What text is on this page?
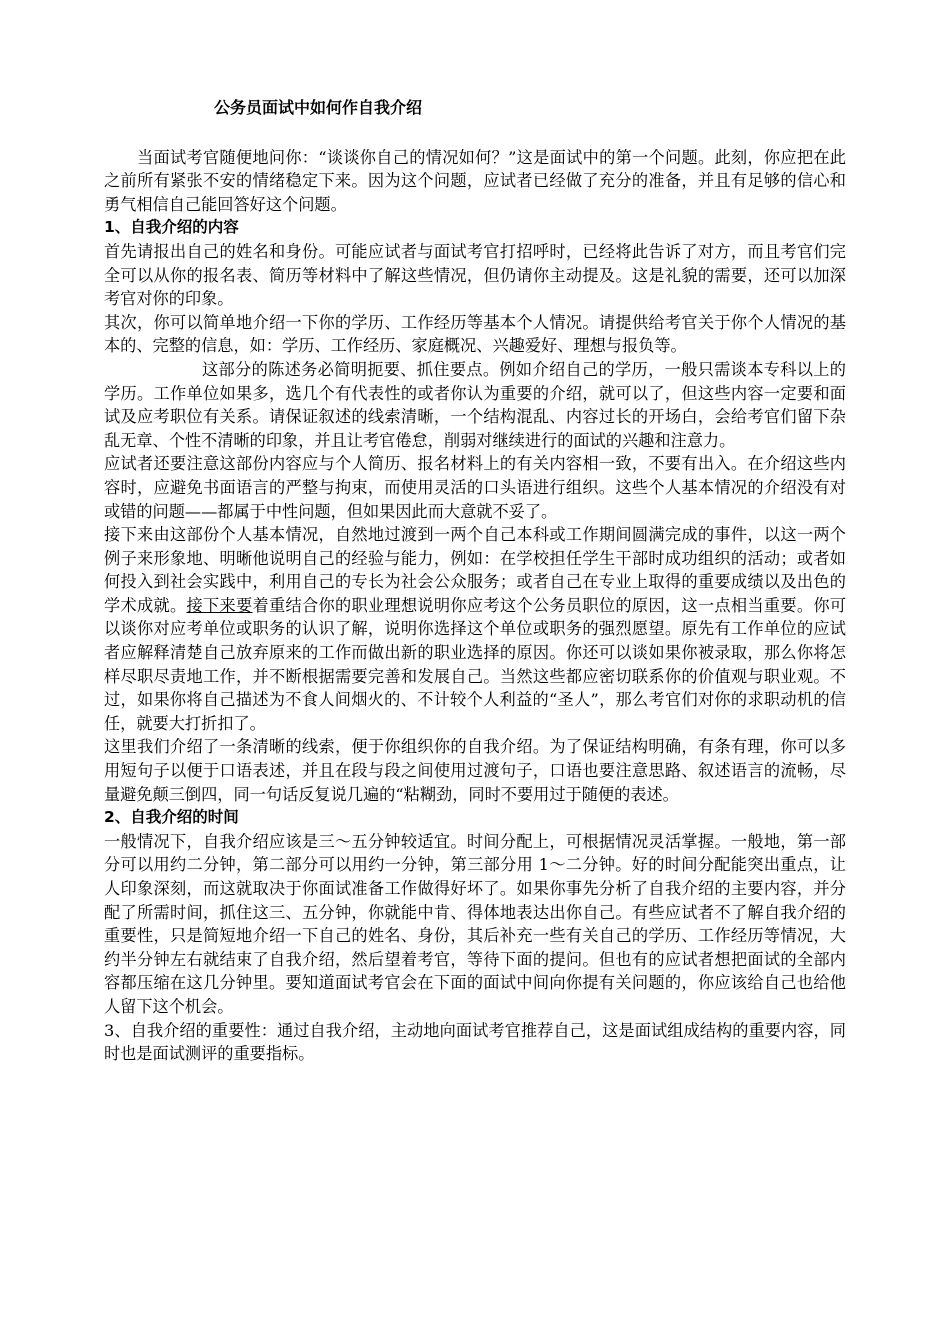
公务员面试中如何作自我介绍

当面试考官随便地问你：“谈谈你自己的情况如何？”这是面试中的第一个问题。此刻，你应把在此之前所有紧张不安的情绪稳定下来。因为这个问题，应试者已经做了充分的准备，并且有足够的信心和勇气相信自己能回答好这个问题。

1、自我介绍的内容

首先请报出自己的姓名和身份。可能应试者与面试考官打招呼时，已经将此告诉了对方，而且考官们完全可以从你的报名表、简历等材料中了解这些情况，但仍请你主动提及。这是礼貌的需要，还可以加深考官对你的印象。

其次，你可以简单地介绍一下你的学历、工作经历等基本个人情况。请提供给考官关于你个人情况的基本的、完整的信息，如：学历、工作经历、家庭概况、兴趣爱好、理想与报负等。

这部分的陈述务必简明扼要、抓住要点。例如介绍自己的学历，一般只需谈本专科以上的学历。工作单位如果多，选几个有代表性的或者你认为重要的介绍，就可以了，但这些内容一定要和面试及应考职位有关系。请保证叙述的线索清晰，一个结构混乱、内容过长的开场白，会给考官们留下杂乱无章、个性不清晰的印象，并且让考官倦怠，削弱对继续进行的面试的兴趣和注意力。

应试者还要注意这部份内容应与个人简历、报名材料上的有关内容相一致，不要有出入。在介绍这些内容时，应避免书面语言的严整与拘束，而使用灵活的口头语进行组织。这些个人基本情况的介绍没有对或错的问题——都属于中性问题，但如果因此而大意就不妥了。

接下来由这部份个人基本情况，自然地过渡到一两个自己本科或工作期间圆满完成的事件，以这一两个例子来形象地、明晰他说明自己的经验与能力，例如：在学校担任学生干部时成功组织的活动；或者如何投入到社会实践中，利用自己的专长为社会公众服务；或者自己在专业上取得的重要成绩以及出色的学术成就。接下来要着重结合你的职业理想说明你应考这个公务员职位的原因，这一点相当重要。你可以谈你对应考单位或职务的认识了解，说明你选择这个单位或职务的强烈愿望。原先有工作单位的应试者应解释清楚自己放弃原来的工作而做出新的职业选择的原因。你还可以谈如果你被录取，那么你将怎样尽职尽责地工作，并不断根据需要完善和发展自己。当然这些都应密切联系你的价值观与职业观。不过，如果你将自己描述为不食人间烟火的、不计较个人利益的“圣人”，那么考官们对你的求职动机的信任，就要大打折扣了。

这里我们介绍了一条清晰的线索，便于你组织你的自我介绍。为了保证结构明确，有条有理，你可以多用短句子以便于口语表述，并且在段与段之间使用过渡句子，口语也要注意思路、叙述语言的流畅，尽量避免颠三倒四，同一句话反复说几遍的“粘糊劲，同时不要用过于随便的表述。

2、自我介绍的时间

一般情况下，自我介绍应该是三～五分钟较适宜。时间分配上，可根据情况灵活掌握。一般地，第一部分可以用约二分钟，第二部分可以用约一分钟，第三部分用 1～二分钟。好的时间分配能突出重点，让人印象深刻，而这就取决于你面试准备工作做得好坏了。如果你事先分析了自我介绍的主要内容，并分配了所需时间，抓住这三、五分钟，你就能中肯、得体地表达出你自己。有些应试者不了解自我介绍的重要性，只是简短地介绍一下自己的姓名、身份，其后补充一些有关自己的学历、工作经历等情况，大约半分钟左右就结束了自我介绍，然后望着考官，等待下面的提问。但也有的应试者想把面试的全部内容都压缩在这几分钟里。要知道面试考官会在下面的面试中间向你提有关问题的，你应该给自己也给他人留下这个机会。

3、自我介绍的重要性：通过自我介绍，主动地向面试考官推荐自己，这是面试组成结构的重要内容，同时也是面试测评的重要指标。
